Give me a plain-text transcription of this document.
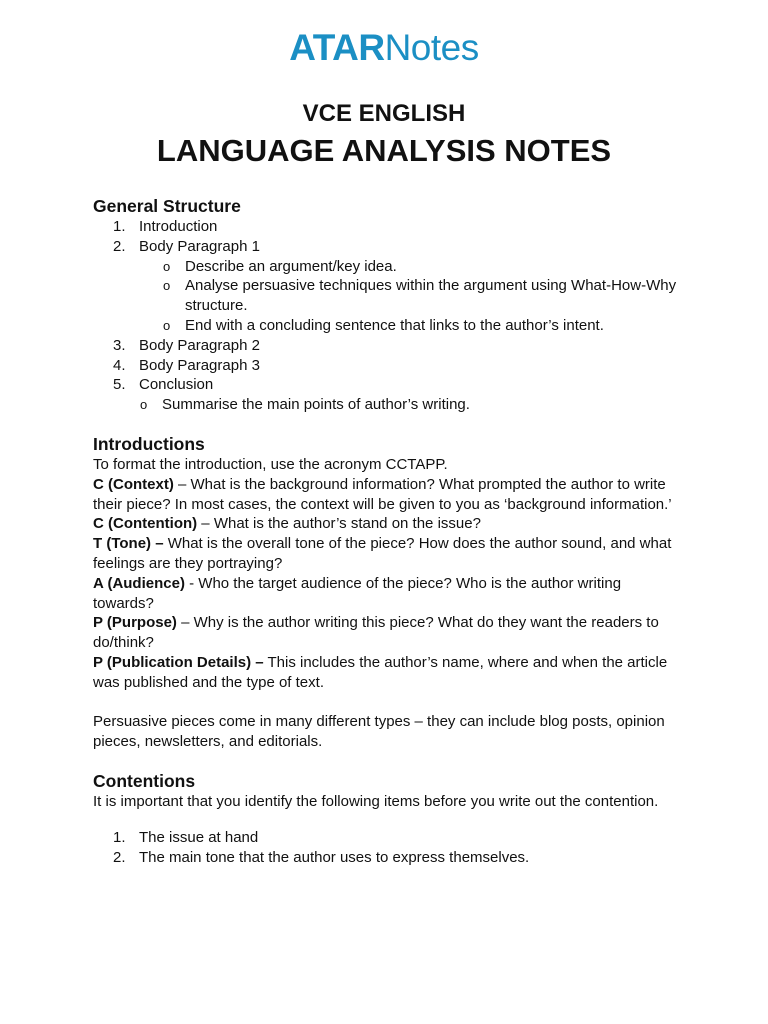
ATARNotes
VCE ENGLISH
LANGUAGE ANALYSIS NOTES
General Structure
1. Introduction
2. Body Paragraph 1
o Describe an argument/key idea.
o Analyse persuasive techniques within the argument using What-How-Why structure.
o End with a concluding sentence that links to the author’s intent.
3. Body Paragraph 2
4. Body Paragraph 3
5. Conclusion
o Summarise the main points of author’s writing.
Introductions

To format the introduction, use the acronym CCTAPP.

C (Context) – What is the background information? What prompted the author to write their piece? In most cases, the context will be given to you as ‘background information.’

C (Contention) – What is the author’s stand on the issue?

T (Tone) – What is the overall tone of the piece? How does the author sound, and what feelings are they portraying?

A (Audience) - Who the target audience of the piece? Who is the author writing towards?

P (Purpose) – Why is the author writing this piece? What do they want the readers to do/think?

P (Publication Details) – This includes the author’s name, where and when the article was published and the type of text.

Persuasive pieces come in many different types – they can include blog posts, opinion pieces, newsletters, and editorials.

Contentions

It is important that you identify the following items before you write out the contention.

1. The issue at hand
2. The main tone that the author uses to express themselves.
